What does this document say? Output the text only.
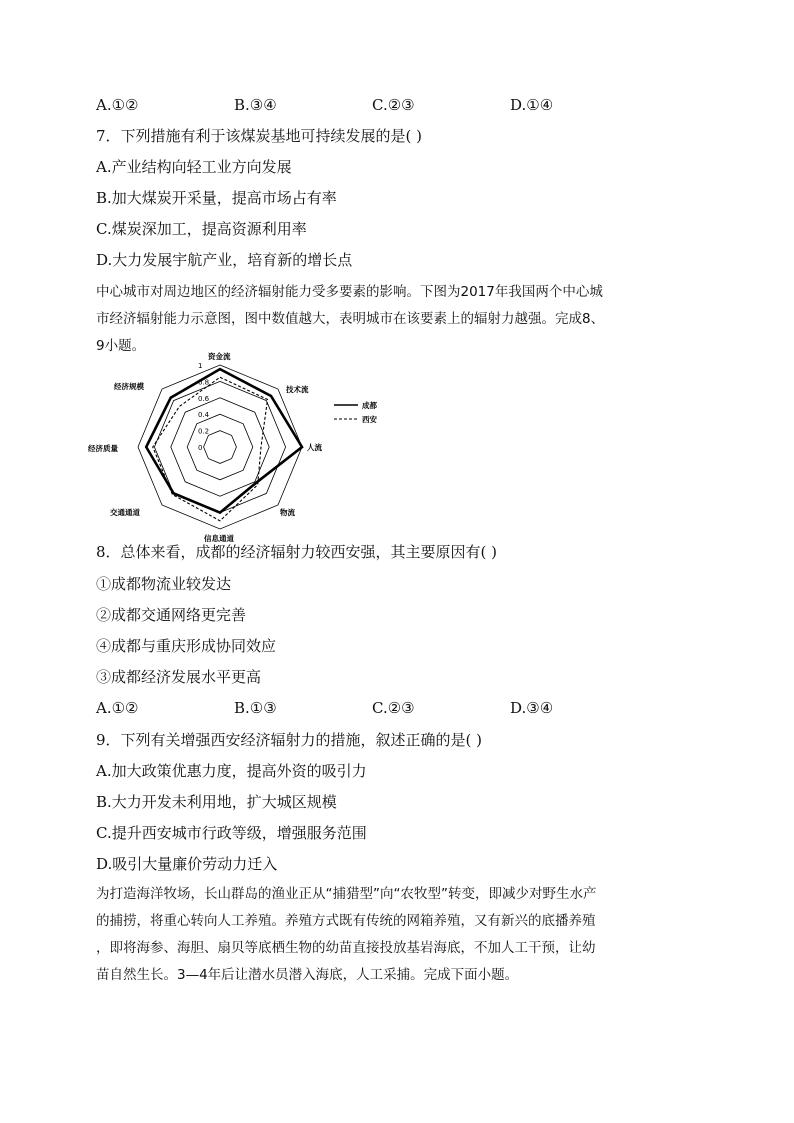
A.①②	B.③④	C.②③	D.①④
7．下列措施有利于该煤炭基地可持续发展的是( )
A.产业结构向轻工业方向发展
B.加大煤炭开采量，提高市场占有率
C.煤炭深加工，提高资源利用率
D.大力发展宇航产业，培育新的增长点
中心城市对周边地区的经济辐射能力受多要素的影响。下图为2017年我国两个中心城
市经济辐射能力示意图，图中数值越大，表明城市在该要素上的辐射力越强。完成8、
9小题。
0
0.2
0.4
0.6
0.8
1
资金流
技术流
人流
物流
信息通道
交通通道
经济质量
经济规模
成都
西安
8．总体来看，成都的经济辐射力较西安强，其主要原因有( )
①成都物流业较发达
②成都交通网络更完善
④成都与重庆形成协同效应
③成都经济发展水平更高
A.①②	B.①③	C.②③	D.③④
9．下列有关增强西安经济辐射力的措施，叙述正确的是( )
A.加大政策优惠力度，提高外资的吸引力
B.大力开发未利用地，扩大城区规模
C.提升西安城市行政等级，增强服务范围
D.吸引大量廉价劳动力迁入
为打造海洋牧场，长山群岛的渔业正从“捕猎型”向“农牧型”转变，即减少对野生水产
的捕捞，将重心转向人工养殖。养殖方式既有传统的网箱养殖，又有新兴的底播养殖
，即将海参、海胆、扇贝等底栖生物的幼苗直接投放基岩海底，不加人工干预，让幼
苗自然生长。3—4年后让潜水员潜入海底，人工采捕。完成下面小题。
